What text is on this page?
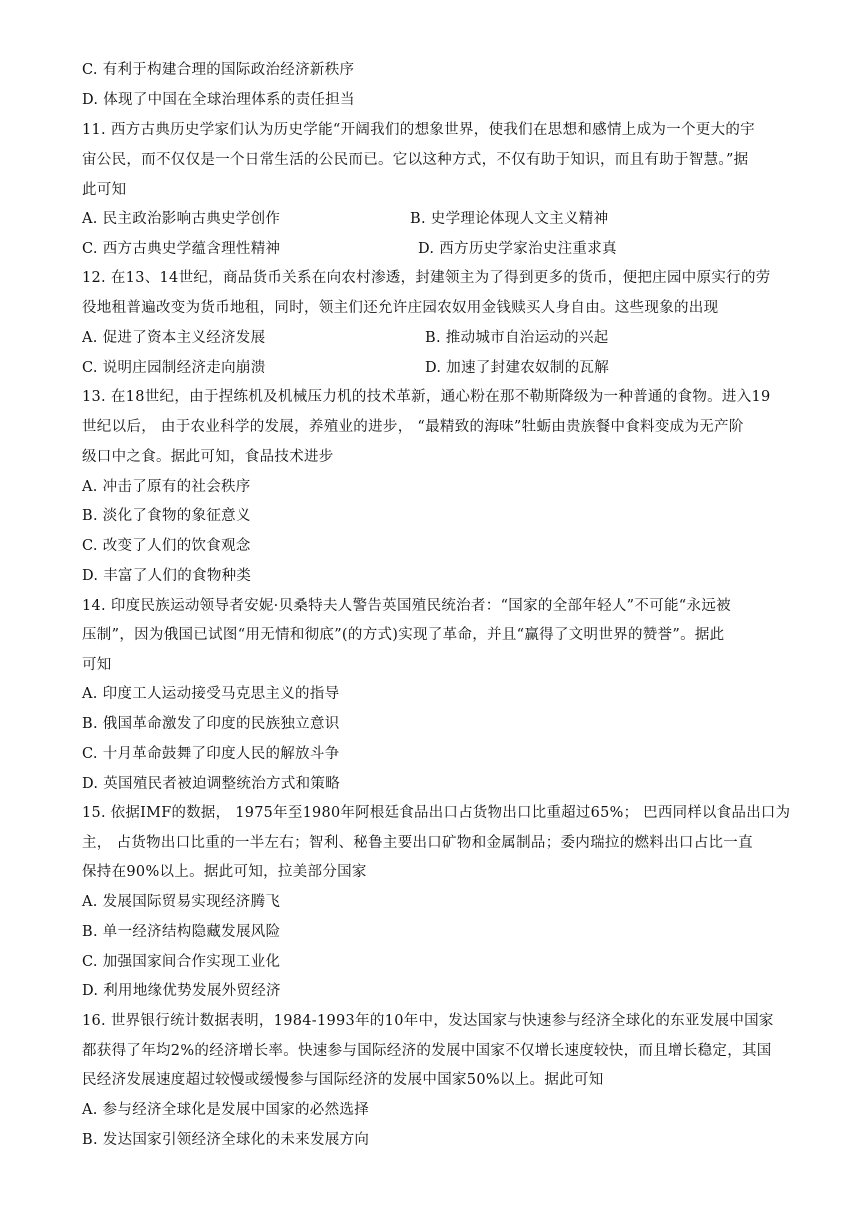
C. 有利于构建合理的国际政治经济新秩序
D. 体现了中国在全球治理体系的责任担当
11. 西方古典历史学家们认为历史学能“开阔我们的想象世界，使我们在思想和感情上成为一个更大的宇
宙公民，而不仅仅是一个日常生活的公民而已。它以这种方式，不仅有助于知识，而且有助于智慧。”据
此可知
A. 民主政治影响古典史学创作	B. 史学理论体现人文主义精神
C. 西方古典史学蕴含理性精神	D. 西方历史学家治史注重求真
12. 在13、14世纪，商品货币关系在向农村渗透，封建领主为了得到更多的货币，便把庄园中原实行的劳
役地租普遍改变为货币地租，同时，领主们还允许庄园农奴用金钱赎买人身自由。这些现象的出现
A. 促进了资本主义经济发展	B. 推动城市自治运动的兴起
C. 说明庄园制经济走向崩溃	D. 加速了封建农奴制的瓦解
13. 在18世纪，由于捏练机及机械压力机的技术革新，通心粉在那不勒斯降级为一种普通的食物。进入19
世纪以后， 由于农业科学的发展，养殖业的进步， “最精致的海味”牡蛎由贵族餐中食料变成为无产阶
级口中之食。据此可知，食品技术进步
A. 冲击了原有的社会秩序
B. 淡化了食物的象征意义
C. 改变了人们的饮食观念
D. 丰富了人们的食物种类
14. 印度民族运动领导者安妮·贝桑特夫人警告英国殖民统治者：“国家的全部年轻人”不可能“永远被
压制”，因为俄国已试图“用无情和彻底”(的方式)实现了革命，并且“赢得了文明世界的赞誉”。据此
可知
A. 印度工人运动接受马克思主义的指导
B. 俄国革命激发了印度的民族独立意识
C. 十月革命鼓舞了印度人民的解放斗争
D. 英国殖民者被迫调整统治方式和策略
15. 依据IMF的数据， 1975年至1980年阿根廷食品出口占货物出口比重超过65%； 巴西同样以食品出口为
主， 占货物出口比重的一半左右；智利、秘鲁主要出口矿物和金属制品；委内瑞拉的燃料出口占比一直
保持在90%以上。据此可知，拉美部分国家
A. 发展国际贸易实现经济腾飞
B. 单一经济结构隐藏发展风险
C. 加强国家间合作实现工业化
D. 利用地缘优势发展外贸经济
16. 世界银行统计数据表明，1984-1993年的10年中，发达国家与快速参与经济全球化的东亚发展中国家
都获得了年均2%的经济增长率。快速参与国际经济的发展中国家不仅增长速度较快，而且增长稳定，其国
民经济发展速度超过较慢或缓慢参与国际经济的发展中国家50%以上。据此可知
A. 参与经济全球化是发展中国家的必然选择
B. 发达国家引领经济全球化的未来发展方向
